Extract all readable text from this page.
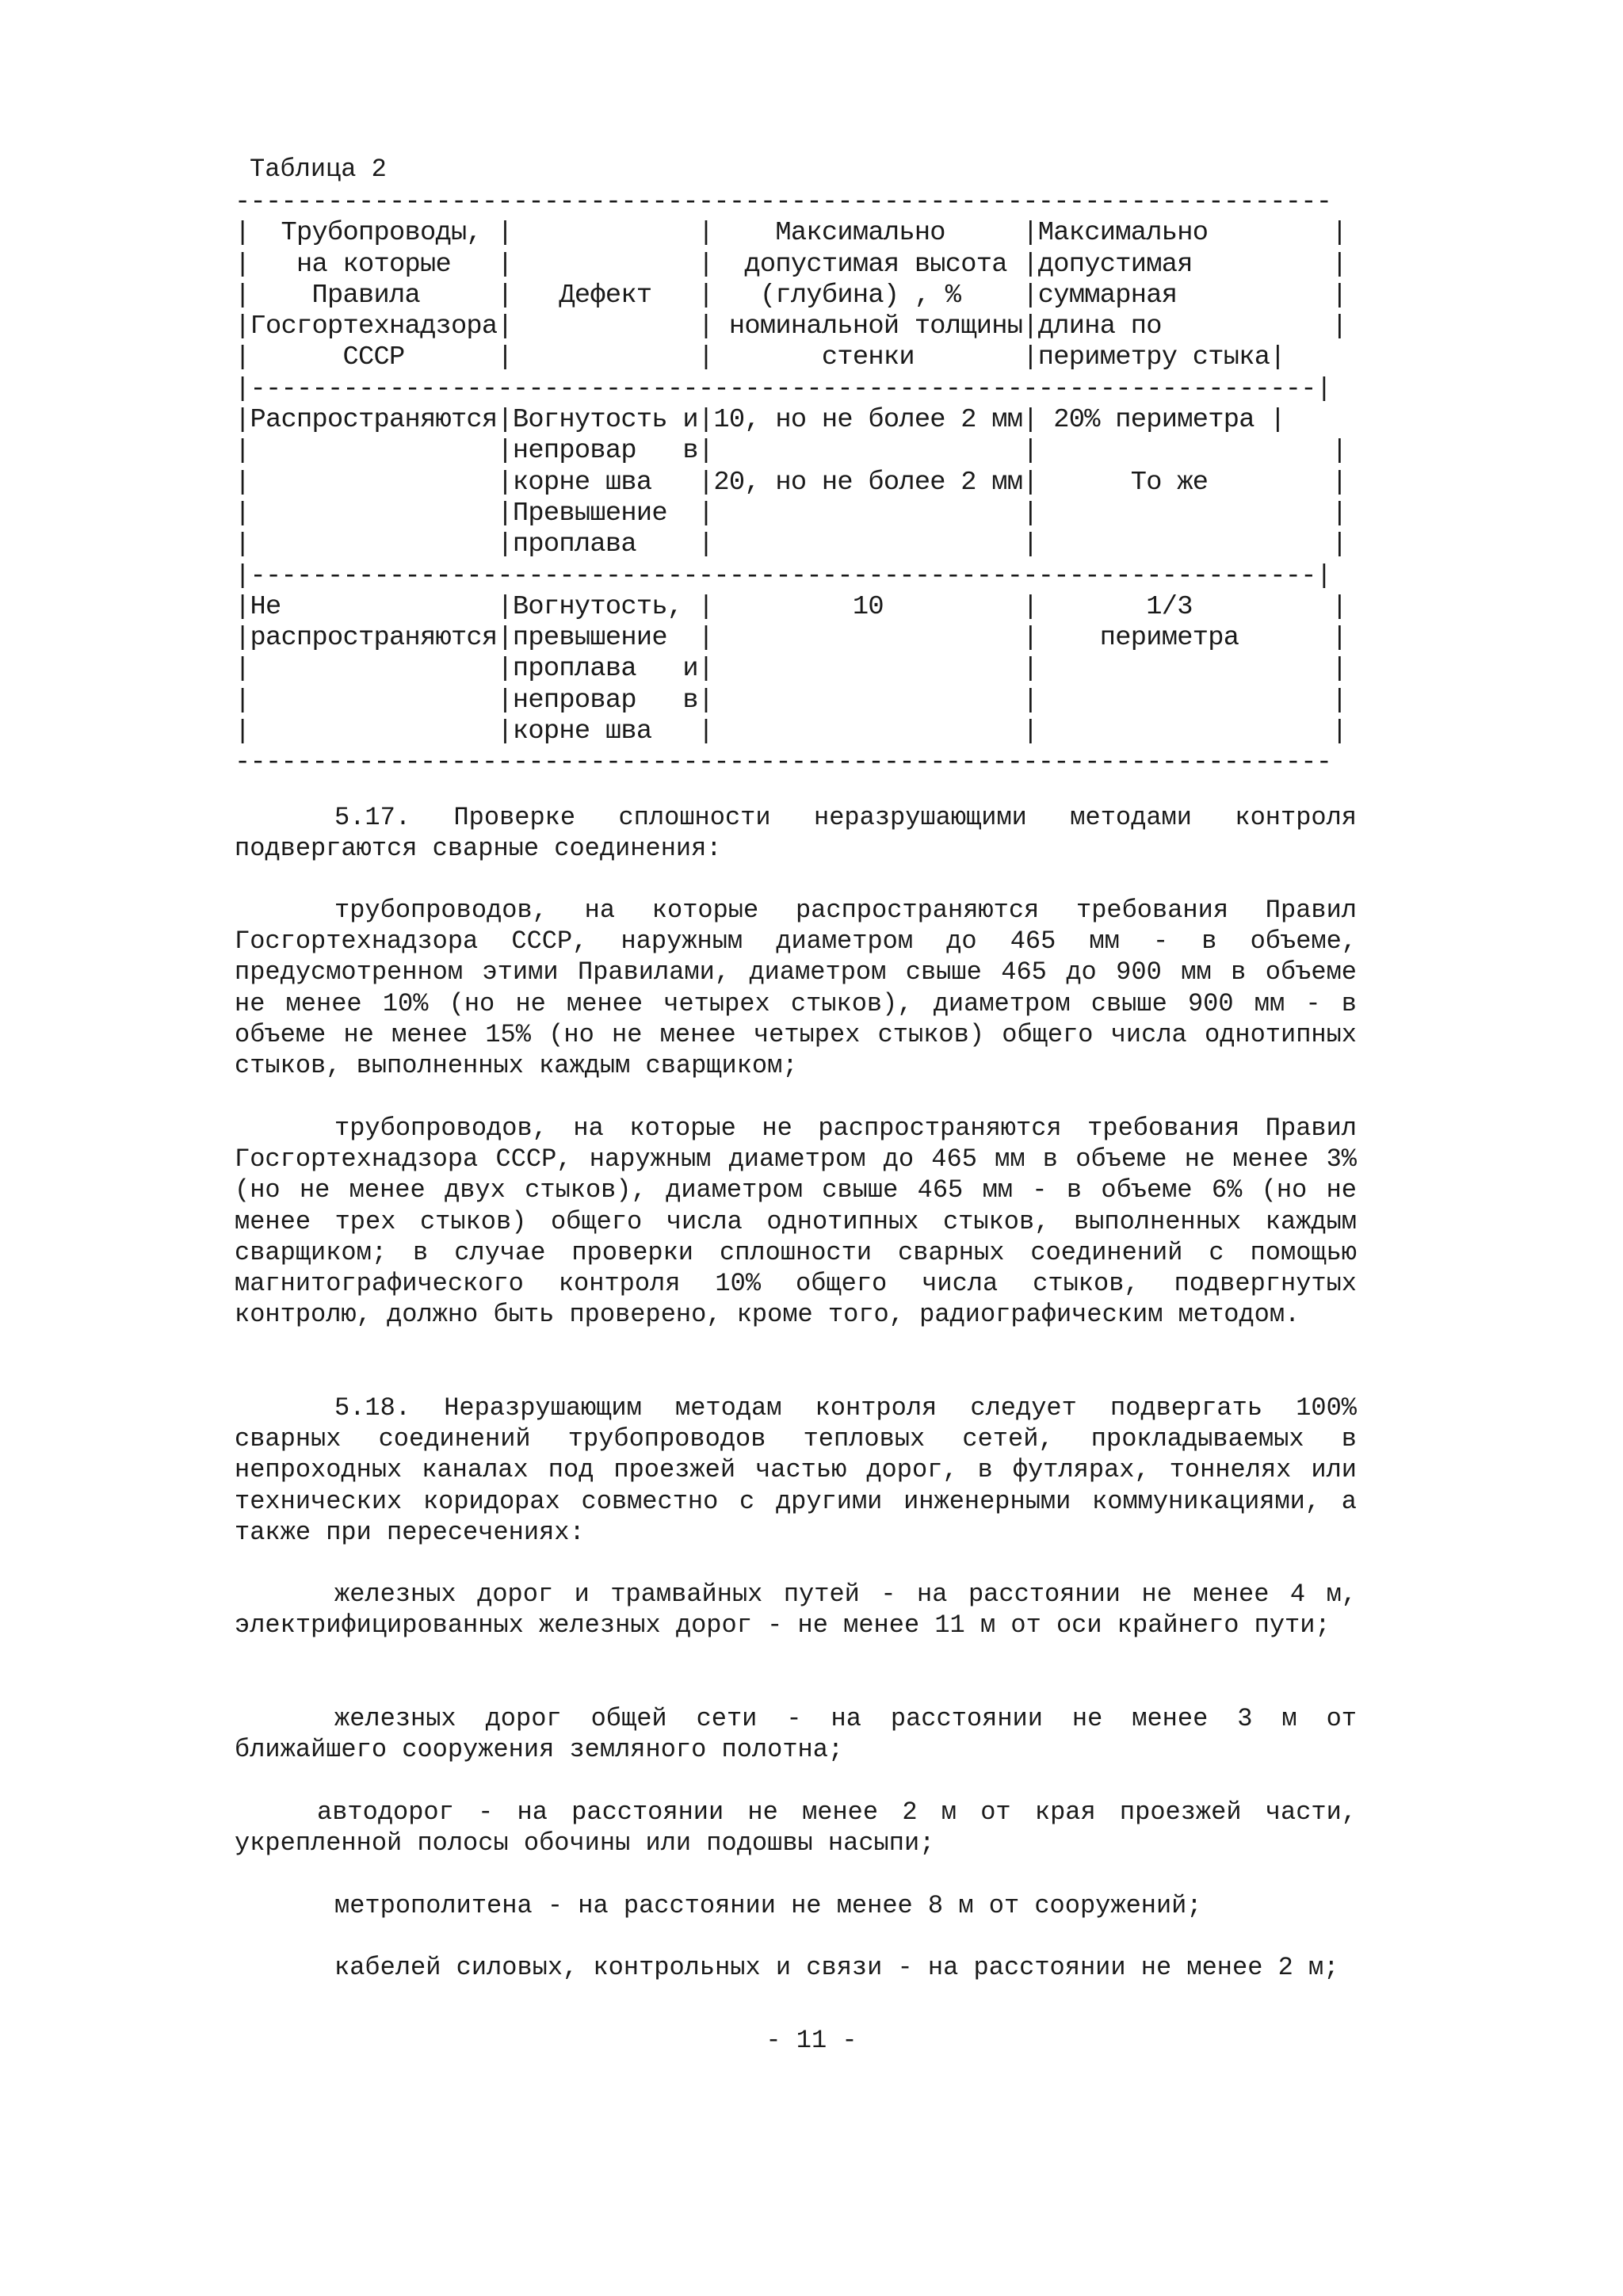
Таблица 2
-----------------------------------------------------------------------
|  Трубопроводы, |            |    Максимально     |Максимально        |
|   на которые   |            |  допустимая высота |допустимая         |
|    Правила     |   Дефект   |   (глубина) , %    |суммарная          |
|Госгортехнадзора|            | номинальной толщины|длина по           |
|      СССР      |            |       стенки       |периметру стыка|
|---------------------------------------------------------------------|
|Распространяются|Вогнутость и|10, но не более 2 мм| 20% периметра |
|                |непровар   в|                    |                   |
|                |корне шва   |20, но не более 2 мм|      То же        |
|                |Превышение  |                    |                   |
|                |проплава    |                    |                   |
|---------------------------------------------------------------------|
|Не              |Вогнутость, |         10         |       1/3         |
|распространяются|превышение  |                    |    периметра      |
|                |проплава   и|                    |                   |
|                |непровар   в|                    |                   |
|                |корне шва   |                    |                   |
-----------------------------------------------------------------------

5.17. Проверке сплошности неразрушающими методами контроля подвергаются сварные соединения:

трубопроводов, на которые распространяются требования Правил Госгортехнадзора СССР, наружным диаметром до 465 мм - в объеме, предусмотренном этими Правилами, диаметром свыше 465 до 900 мм в объеме не менее 10% (но не менее четырех стыков), диаметром свыше 900 мм - в объеме не менее 15% (но не менее четырех стыков) общего числа однотипных стыков, выполненных каждым сварщиком;

трубопроводов, на которые не распространяются требования Правил Госгортехнадзора СССР, наружным диаметром до 465 мм в объеме не менее 3% (но не менее двух стыков), диаметром свыше 465 мм - в объеме 6% (но не менее трех стыков) общего числа однотипных стыков, выполненных каждым сварщиком; в случае проверки сплошности сварных соединений с помощью магнитографического контроля 10% общего числа стыков, подвергнутых контролю, должно быть проверено, кроме того, радиографическим методом.

5.18. Неразрушающим методам контроля следует подвергать 100% сварных соединений трубопроводов тепловых сетей, прокладываемых в непроходных каналах под проезжей частью дорог, в футлярах, тоннелях или технических коридорах совместно с другими инженерными коммуникациями, а также при пересечениях:

железных дорог и трамвайных путей - на расстоянии не менее 4 м, электрифицированных железных дорог - не менее 11 м от оси крайнего пути;

железных дорог общей сети - на расстоянии не менее 3 м от ближайшего сооружения земляного полотна;

автодорог - на расстоянии не менее 2 м от края проезжей части, укрепленной полосы обочины или подошвы насыпи;

метрополитена - на расстоянии не менее 8 м от сооружений;

кабелей силовых, контрольных и связи - на расстоянии не менее 2 м;

- 11 -
